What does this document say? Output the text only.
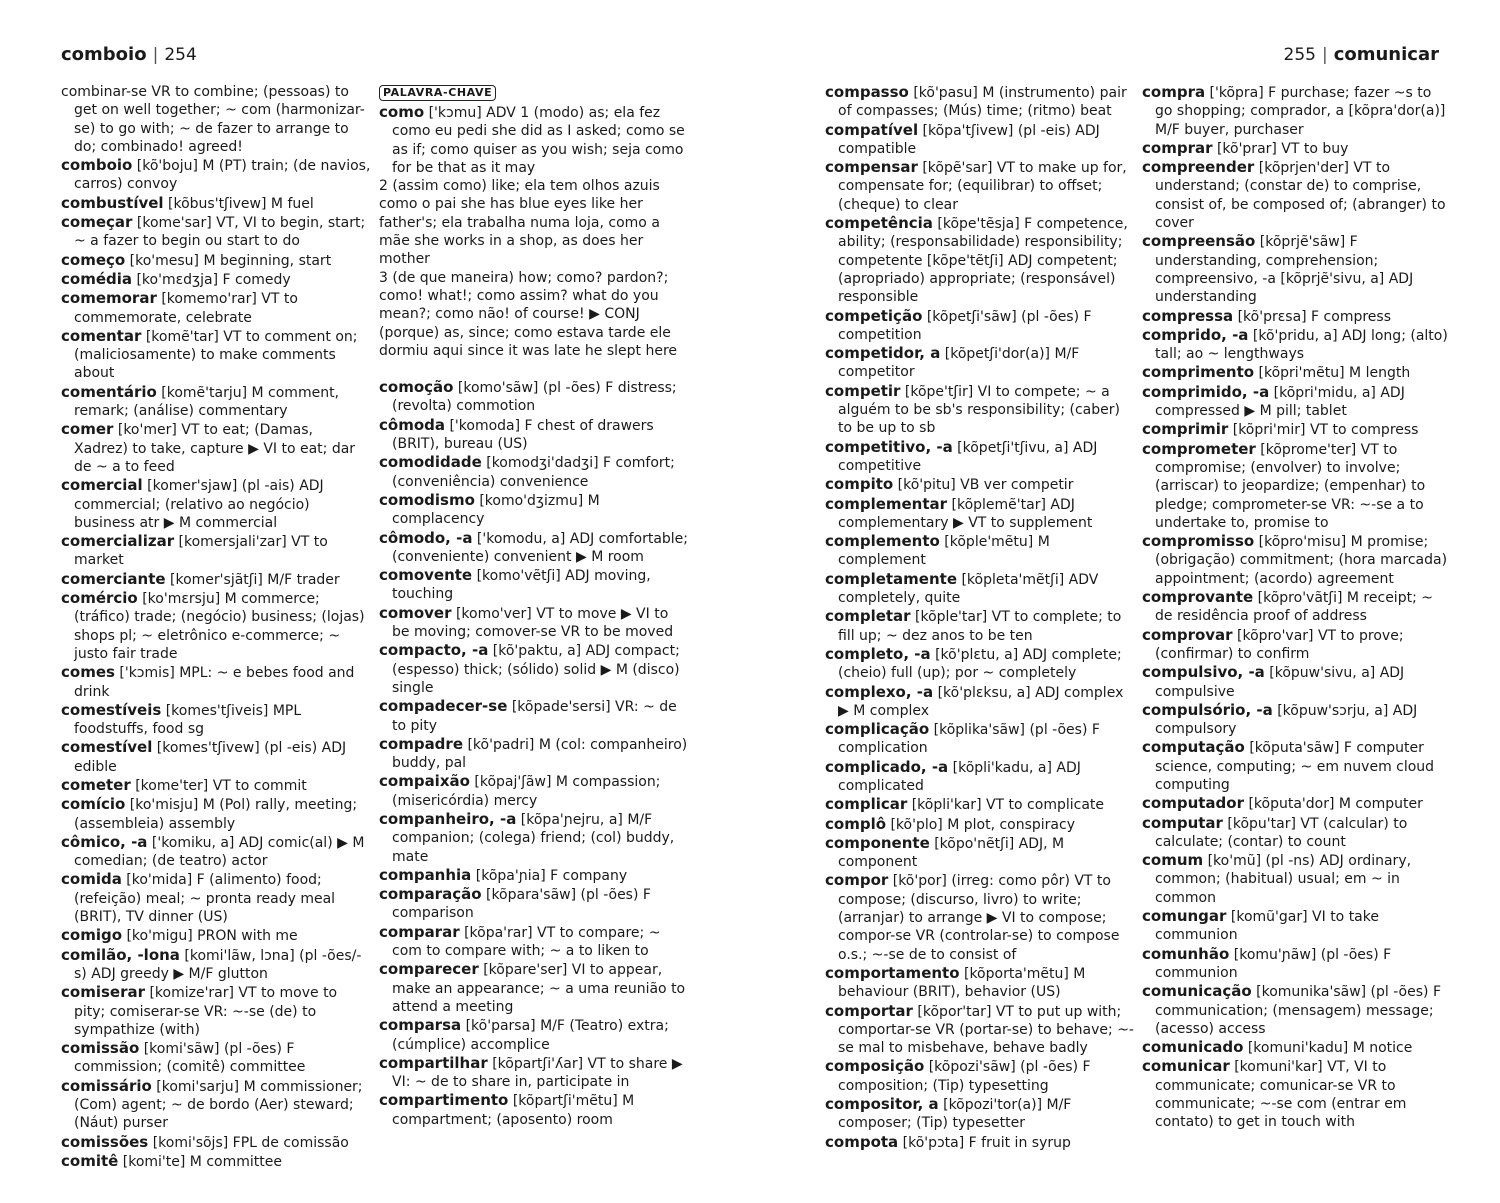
comboio | 254
combinar-se VR to combine; (pessoas) to get on well together; ~ com (harmonizar-se) to go with; ~ de fazer to arrange to do; combinado! agreed!
comboio [kõ'boju] M (PT) train; (de navios, carros) convoy
combustível [kõbus'tʃivew] M fuel
começar [kome'sar] VT, VI to begin, start; ~ a fazer to begin ou start to do
começo [ko'mesu] M beginning, start
comédia [ko'mɛdʒja] F comedy
comemorar [komemo'rar] VT to commemorate, celebrate
comentar [komẽ'tar] VT to comment on; (maliciosamente) to make comments about
comentário [komẽ'tarju] M comment, remark; (análise) commentary
comer [ko'mer] VT to eat; (Damas, Xadrez) to take, capture ▶ VI to eat; dar de ~ a to feed
comercial [komer'sjaw] (pl -ais) ADJ commercial; (relativo ao negócio) business atr ▶ M commercial
comercializar [komersjali'zar] VT to market
comerciante [komer'sjãtʃi] M/F trader
comércio [ko'mɛrsju] M commerce; (tráfico) trade; (negócio) business; (lojas) shops pl; ~ eletrônico e-commerce; ~ justo fair trade
comes ['kɔmis] MPL: ~ e bebes food and drink
comestíveis [komes'tʃiveis] MPL foodstuffs, food sg
comestível [komes'tʃivew] (pl -eis) ADJ edible
cometer [kome'ter] VT to commit
comício [ko'misju] M (Pol) rally, meeting; (assembleia) assembly
cômico, -a ['komiku, a] ADJ comic(al) ▶ M comedian; (de teatro) actor
comida [ko'mida] F (alimento) food; (refeição) meal; ~ pronta ready meal (BRIT), TV dinner (US)
comigo [ko'migu] PRON with me
comilão, -lona [komi'lãw, lɔna] (pl -ões/-s) ADJ greedy ▶ M/F glutton
comiserar [komize'rar] VT to move to pity; comiserar-se VR: ~-se (de) to sympathize (with)
comissão [komi'sãw] (pl -ões) F commission; (comitê) committee
comissário [komi'sarju] M commissioner; (Com) agent; ~ de bordo (Aer) steward; (Náut) purser
comissões [komi'sõjs] FPL de comissão
comitê [komi'te] M committee
PALAVRA-CHAVE
como ['kɔmu] ADV 1 (modo) as; ela fez como eu pedi she did as I asked; como se as if; como quiser as you wish; seja como for be that as it may
2 (assim como) like; ela tem olhos azuis como o pai she has blue eyes like her father's; ela trabalha numa loja, como a mãe she works in a shop, as does her mother
3 (de que maneira) how; como? pardon?; como! what!; como assim? what do you mean?; como não! of course! ▶ CONJ (porque) as, since; como estava tarde ele dormiu aqui since it was late he slept here
comoção [komo'sãw] (pl -ões) F distress; (revolta) commotion
cômoda ['komoda] F chest of drawers (BRIT), bureau (US)
comodidade [komodʒi'dadʒi] F comfort; (conveniência) convenience
comodismo [komo'dʒizmu] M complacency
cômodo, -a ['komodu, a] ADJ comfortable; (conveniente) convenient ▶ M room
comovente [komo'vẽtʃi] ADJ moving, touching
comover [komo'ver] VT to move ▶ VI to be moving; comover-se VR to be moved
compacto, -a [kõ'paktu, a] ADJ compact; (espesso) thick; (sólido) solid ▶ M (disco) single
compadecer-se [kõpade'sersi] VR: ~ de to pity
compadre [kõ'padri] M (col: companheiro) buddy, pal
compaixão [kõpaj'ʃãw] M compassion; (misericórdia) mercy
companheiro, -a [kõpa'ɲejru, a] M/F companion; (colega) friend; (col) buddy, mate
companhia [kõpa'ɲia] F company
comparação [kõpara'sãw] (pl -ões) F comparison
comparar [kõpa'rar] VT to compare; ~ com to compare with; ~ a to liken to
comparecer [kõpare'ser] VI to appear, make an appearance; ~ a uma reunião to attend a meeting
comparsa [kõ'parsa] M/F (Teatro) extra; (cúmplice) accomplice
compartilhar [kõpartʃi'ʎar] VT to share ▶ VI: ~ de to share in, participate in
compartimento [kõpartʃi'mẽtu] M compartment; (aposento) room
255 | comunicar
compasso [kõ'pasu] M (instrumento) pair of compasses; (Mús) time; (ritmo) beat
compatível [kõpa'tʃivew] (pl -eis) ADJ compatible
compensar [kõpẽ'sar] VT to make up for, compensate for; (equilibrar) to offset; (cheque) to clear
competência [kõpe'tẽsja] F competence, ability; (responsabilidade) responsibility; competente [kõpe'tẽtʃi] ADJ competent; (apropriado) appropriate; (responsável) responsible
competição [kõpetʃi'sãw] (pl -ões) F competition
competidor, a [kõpetʃi'dor(a)] M/F competitor
competir [kõpe'tʃir] VI to compete; ~ a alguém to be sb's responsibility; (caber) to be up to sb
competitivo, -a [kõpetʃi'tʃivu, a] ADJ competitive
compito [kõ'pitu] VB ver competir
complementar [kõplemẽ'tar] ADJ complementary ▶ VT to supplement
complemento [kõple'mẽtu] M complement
completamente [kõpleta'mẽtʃi] ADV completely, quite
completar [kõple'tar] VT to complete; to fill up; ~ dez anos to be ten
completo, -a [kõ'plɛtu, a] ADJ complete; (cheio) full (up); por ~ completely
complexo, -a [kõ'plɛksu, a] ADJ complex ▶ M complex
complicação [kõplika'sãw] (pl -ões) F complication
complicado, -a [kõpli'kadu, a] ADJ complicated
complicar [kõpli'kar] VT to complicate
complô [kõ'plo] M plot, conspiracy
componente [kõpo'nẽtʃi] ADJ, M component
compor [kõ'por] (irreg: como pôr) VT to compose; (discurso, livro) to write; (arranjar) to arrange ▶ VI to compose; compor-se VR (controlar-se) to compose o.s.; ~-se de to consist of
comportamento [kõporta'mẽtu] M behaviour (BRIT), behavior (US)
comportar [kõpor'tar] VT to put up with; comportar-se VR (portar-se) to behave; ~-se mal to misbehave, behave badly
composição [kõpozi'sãw] (pl -ões) F composition; (Tip) typesetting
compositor, a [kõpozi'tor(a)] M/F composer; (Tip) typesetter
compota [kõ'pɔta] F fruit in syrup
compra ['kõpra] F purchase; fazer ~s to go shopping; comprador, a [kõpra'dor(a)] M/F buyer, purchaser
comprar [kõ'prar] VT to buy
compreender [kõprjen'der] VT to understand; (constar de) to comprise, consist of, be composed of; (abranger) to cover
compreensão [kõprjẽ'sãw] F understanding, comprehension; compreensivo, -a [kõprjẽ'sivu, a] ADJ understanding
compressa [kõ'prɛsa] F compress
comprido, -a [kõ'pridu, a] ADJ long; (alto) tall; ao ~ lengthways
comprimento [kõpri'mẽtu] M length
comprimido, -a [kõpri'midu, a] ADJ compressed ▶ M pill; tablet
comprimir [kõpri'mir] VT to compress
comprometer [kõprome'ter] VT to compromise; (envolver) to involve; (arriscar) to jeopardize; (empenhar) to pledge; comprometer-se VR: ~-se a to undertake to, promise to
compromisso [kõpro'misu] M promise; (obrigação) commitment; (hora marcada) appointment; (acordo) agreement
comprovante [kõpro'vãtʃi] M receipt; ~ de residência proof of address
comprovar [kõpro'var] VT to prove; (confirmar) to confirm
compulsivo, -a [kõpuw'sivu, a] ADJ compulsive
compulsório, -a [kõpuw'sɔrju, a] ADJ compulsory
computação [kõputa'sãw] F computer science, computing; ~ em nuvem cloud computing
computador [kõputa'dor] M computer
computar [kõpu'tar] VT (calcular) to calculate; (contar) to count
comum [ko'mũ] (pl -ns) ADJ ordinary, common; (habitual) usual; em ~ in common
comungar [komũ'gar] VI to take communion
comunhão [komu'ɲãw] (pl -ões) F communion
comunicação [komunika'sãw] (pl -ões) F communication; (mensagem) message; (acesso) access
comunicado [komuni'kadu] M notice
comunicar [komuni'kar] VT, VI to communicate; comunicar-se VR to communicate; ~-se com (entrar em contato) to get in touch with
